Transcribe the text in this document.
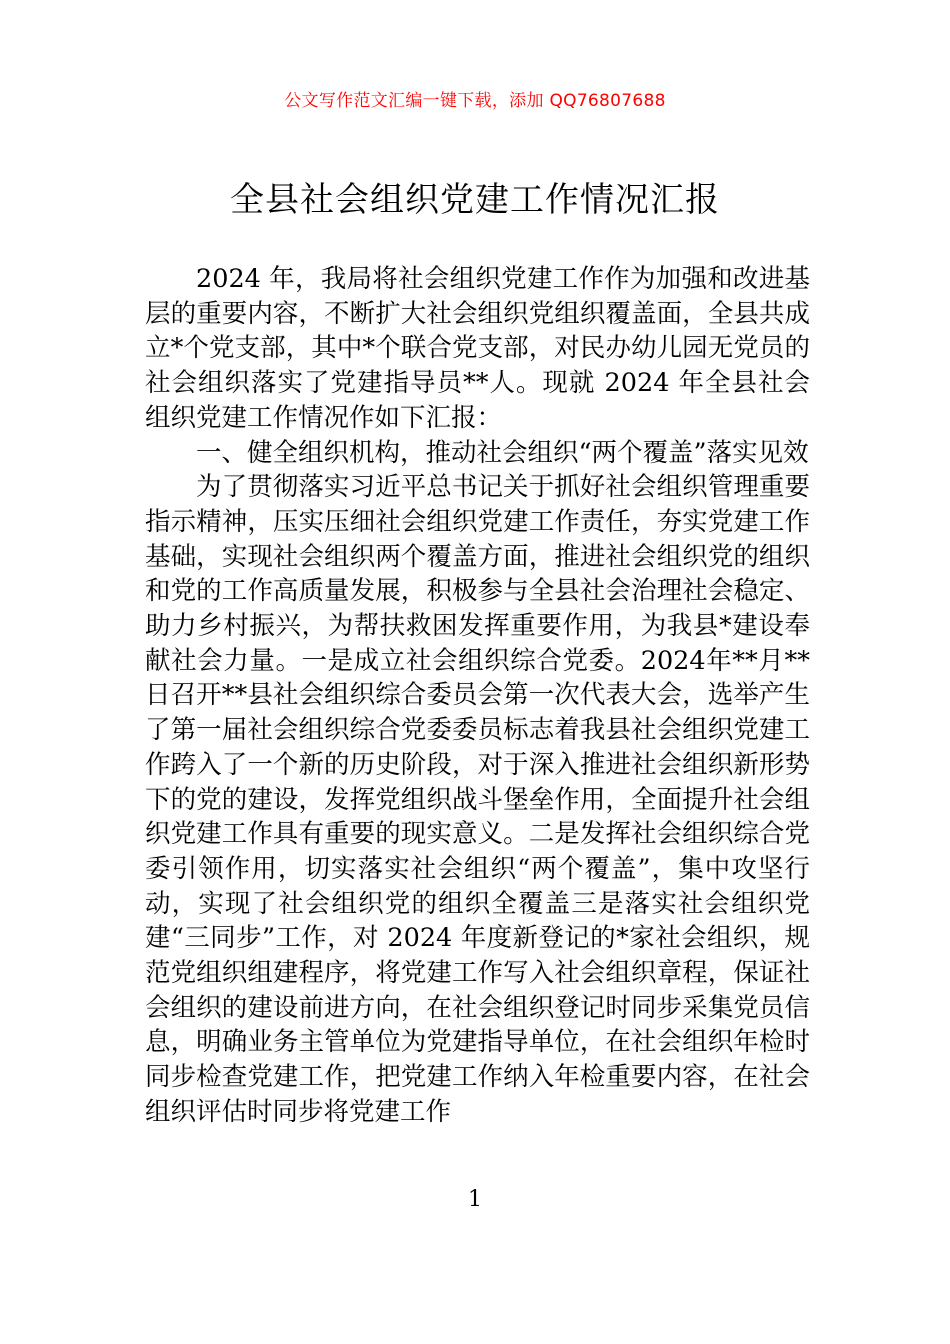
公文写作范文汇编一键下载，添加 QQ76807688
全县社会组织党建工作情况汇报

2024 年，我局将社会组织党建工作作为加强和改进基层的重要内容，不断扩大社会组织党组织覆盖面，全县共成立*个党支部，其中*个联合党支部，对民办幼儿园无党员的社会组织落实了党建指导员**人。现就 2024 年全县社会组织党建工作情况作如下汇报：

一、健全组织机构，推动社会组织“两个覆盖”落实见效

为了贯彻落实习近平总书记关于抓好社会组织管理重要指示精神，压实压细社会组织党建工作责任，夯实党建工作基础，实现社会组织两个覆盖方面，推进社会组织党的组织和党的工作高质量发展，积极参与全县社会治理社会稳定、助力乡村振兴，为帮扶救困发挥重要作用，为我县*建设奉献社会力量。一是成立社会组织综合党委。2024年**月**日召开**县社会组织综合委员会第一次代表大会，选举产生了第一届社会组织综合党委委员标志着我县社会组织党建工作跨入了一个新的历史阶段，对于深入推进社会组织新形势下的党的建设，发挥党组织战斗堡垒作用，全面提升社会组织党建工作具有重要的现实意义。二是发挥社会组织综合党委引领作用，切实落实社会组织“两个覆盖”，集中攻坚行动，实现了社会组织党的组织全覆盖三是落实社会组织党建“三同步”工作，对 2024 年度新登记的*家社会组织，规范党组织组建程序，将党建工作写入社会组织章程，保证社会组织的建设前进方向，在社会组织登记时同步采集党员信息，明确业务主管单位为党建指导单位，在社会组织年检时同步检查党建工作，把党建工作纳入年检重要内容，在社会组织评估时同步将党建工作

1
